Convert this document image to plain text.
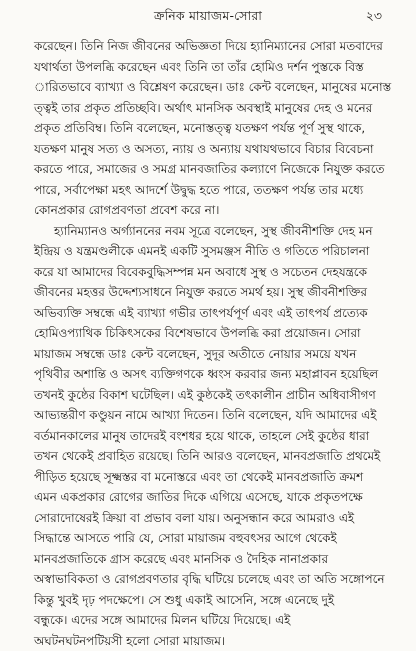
ক্রনিক মায়াজম-সোরা	২৩
করেছেন। তিনি নিজ জীবনের অভিজ্ঞতা দিয়ে হ্যানিম্যানের সোরা মতবাদের
যথার্থতা উপলব্ধি করেছেন এবং তিনি তা তাঁর হোমিও দর্শন পুস্তকে বিস্ত
ারিতভাবে ব্যাখ্যা ও বিশ্লেষণ করেছেন। ডাঃ কেন্ট বলেছেন, মানুষের মনোস্ত
ত্ত্বই তার প্রকৃত প্রতিচ্ছবি। অর্থাৎ মানসিক অবস্থাই মানুষের দেহ ও মনের
প্রকৃত প্রতিবিম্ব। তিনি বলেছেন, মনোস্তত্ত্ব যতক্ষণ পর্যন্ত পূর্ণ সুস্থ থাকে,
যতক্ষণ মানুষ সত্য ও অসত্য, ন্যায় ও অন্যায় যথাযথভাবে বিচার বিবেচনা
করতে পারে, সমাজের ও সমগ্র মানবজাতির কল্যাণে নিজেকে নিযুক্ত করতে
পারে, সর্বাপেক্ষা মহৎ আদর্শে উদ্বুদ্ধ হতে পারে, ততক্ষণ পর্যন্ত তার মধ্যে
কোনপ্রকার রোগপ্রবণতা প্রবেশ করে না।
হ্যানিম্যানও অর্গ্যাননের নবম সূত্রে বলেছেন, সুস্থ জীবনীশক্তি দেহ মন
ইন্দ্রিয় ও যন্ত্রমণ্ডলীকে এমনই একটি সুসমঞ্জস নীতি ও গতিতে পরিচালনা
করে যা আমাদের বিবেকবুদ্ধিসম্পন্ন মন অবাধে সুস্থ ও সচেতন দেহযন্ত্রকে
জীবনের মহত্তর উদ্দেশ্যসাধনে নিযুক্ত করতে সমর্থ হয়। সুস্থ জীবনীশক্তির
অভিব্যক্তি সম্বন্ধে এই ব্যাখ্যা গভীর তাৎপর্যপূর্ণ এবং এই তাৎপর্য প্রত্যেক
হোমিওপ্যাথিক চিকিৎসকের বিশেষভাবে উপলব্ধি করা প্রয়োজন। সোরা
মায়াজম সম্বন্ধে ডাঃ কেন্ট বলেছেন, সুদূর অতীতে নোয়ার সময়ে যখন
পৃথিবীর অশান্তি ও অসৎ ব্যক্তিগণকে ধ্বংস করবার জন্য মহাপ্লাবন হয়েছিল
তখনই কুষ্ঠের বিকাশ ঘটেছিল। এই কুষ্ঠকেই তৎকালীন প্রাচীন অধিবাসীগণ
আভ্যন্তরীণ কণ্ডুয়ন নামে আখ্যা দিতেন। তিনি বলেছেন, যদি আমাদের এই
বর্তমানকালের মানুষ তাদেরই বংশধর হয়ে থাকে, তাহলে সেই কুষ্ঠের ধারা
তখন থেকেই প্রবাহিত রয়েছে। তিনি আরও বলেছেন, মানবপ্রজাতি প্রথমেই
পীড়িত হয়েছে সূক্ষ্মস্তর বা মনোস্তরে এবং তা থেকেই মানবপ্রজাতি ক্রমশ
এমন একপ্রকার রোগের জাতির দিকে এগিয়ে এসেছে, যাকে প্রকৃতপক্ষে
সোরাদোষেরই ক্রিয়া বা প্রভাব বলা যায়। অনুসন্ধান করে আমরাও এই
সিদ্ধান্তে আসতে পারি যে, সোরা মায়াজম বহুবৎসর আগে থেকেই
মানবপ্রজাতিকে গ্রাস করেছে এবং মানসিক ও দৈহিক নানাপ্রকার
অস্বাভাবিকতা ও রোগপ্রবণতার বৃদ্ধি ঘটিয়ে চলেছে এবং তা অতি সঙ্গোপনে
কিন্তু খুবই দৃঢ় পদক্ষেপে। সে শুধু একাই আসেনি, সঙ্গে এনেছে দুই
বন্ধুকে। এদের সঙ্গে আমাদের মিলন ঘটিয়ে দিয়েছে। এই
অঘটনঘটনপটিয়সী হলো সোরা মায়াজম।
